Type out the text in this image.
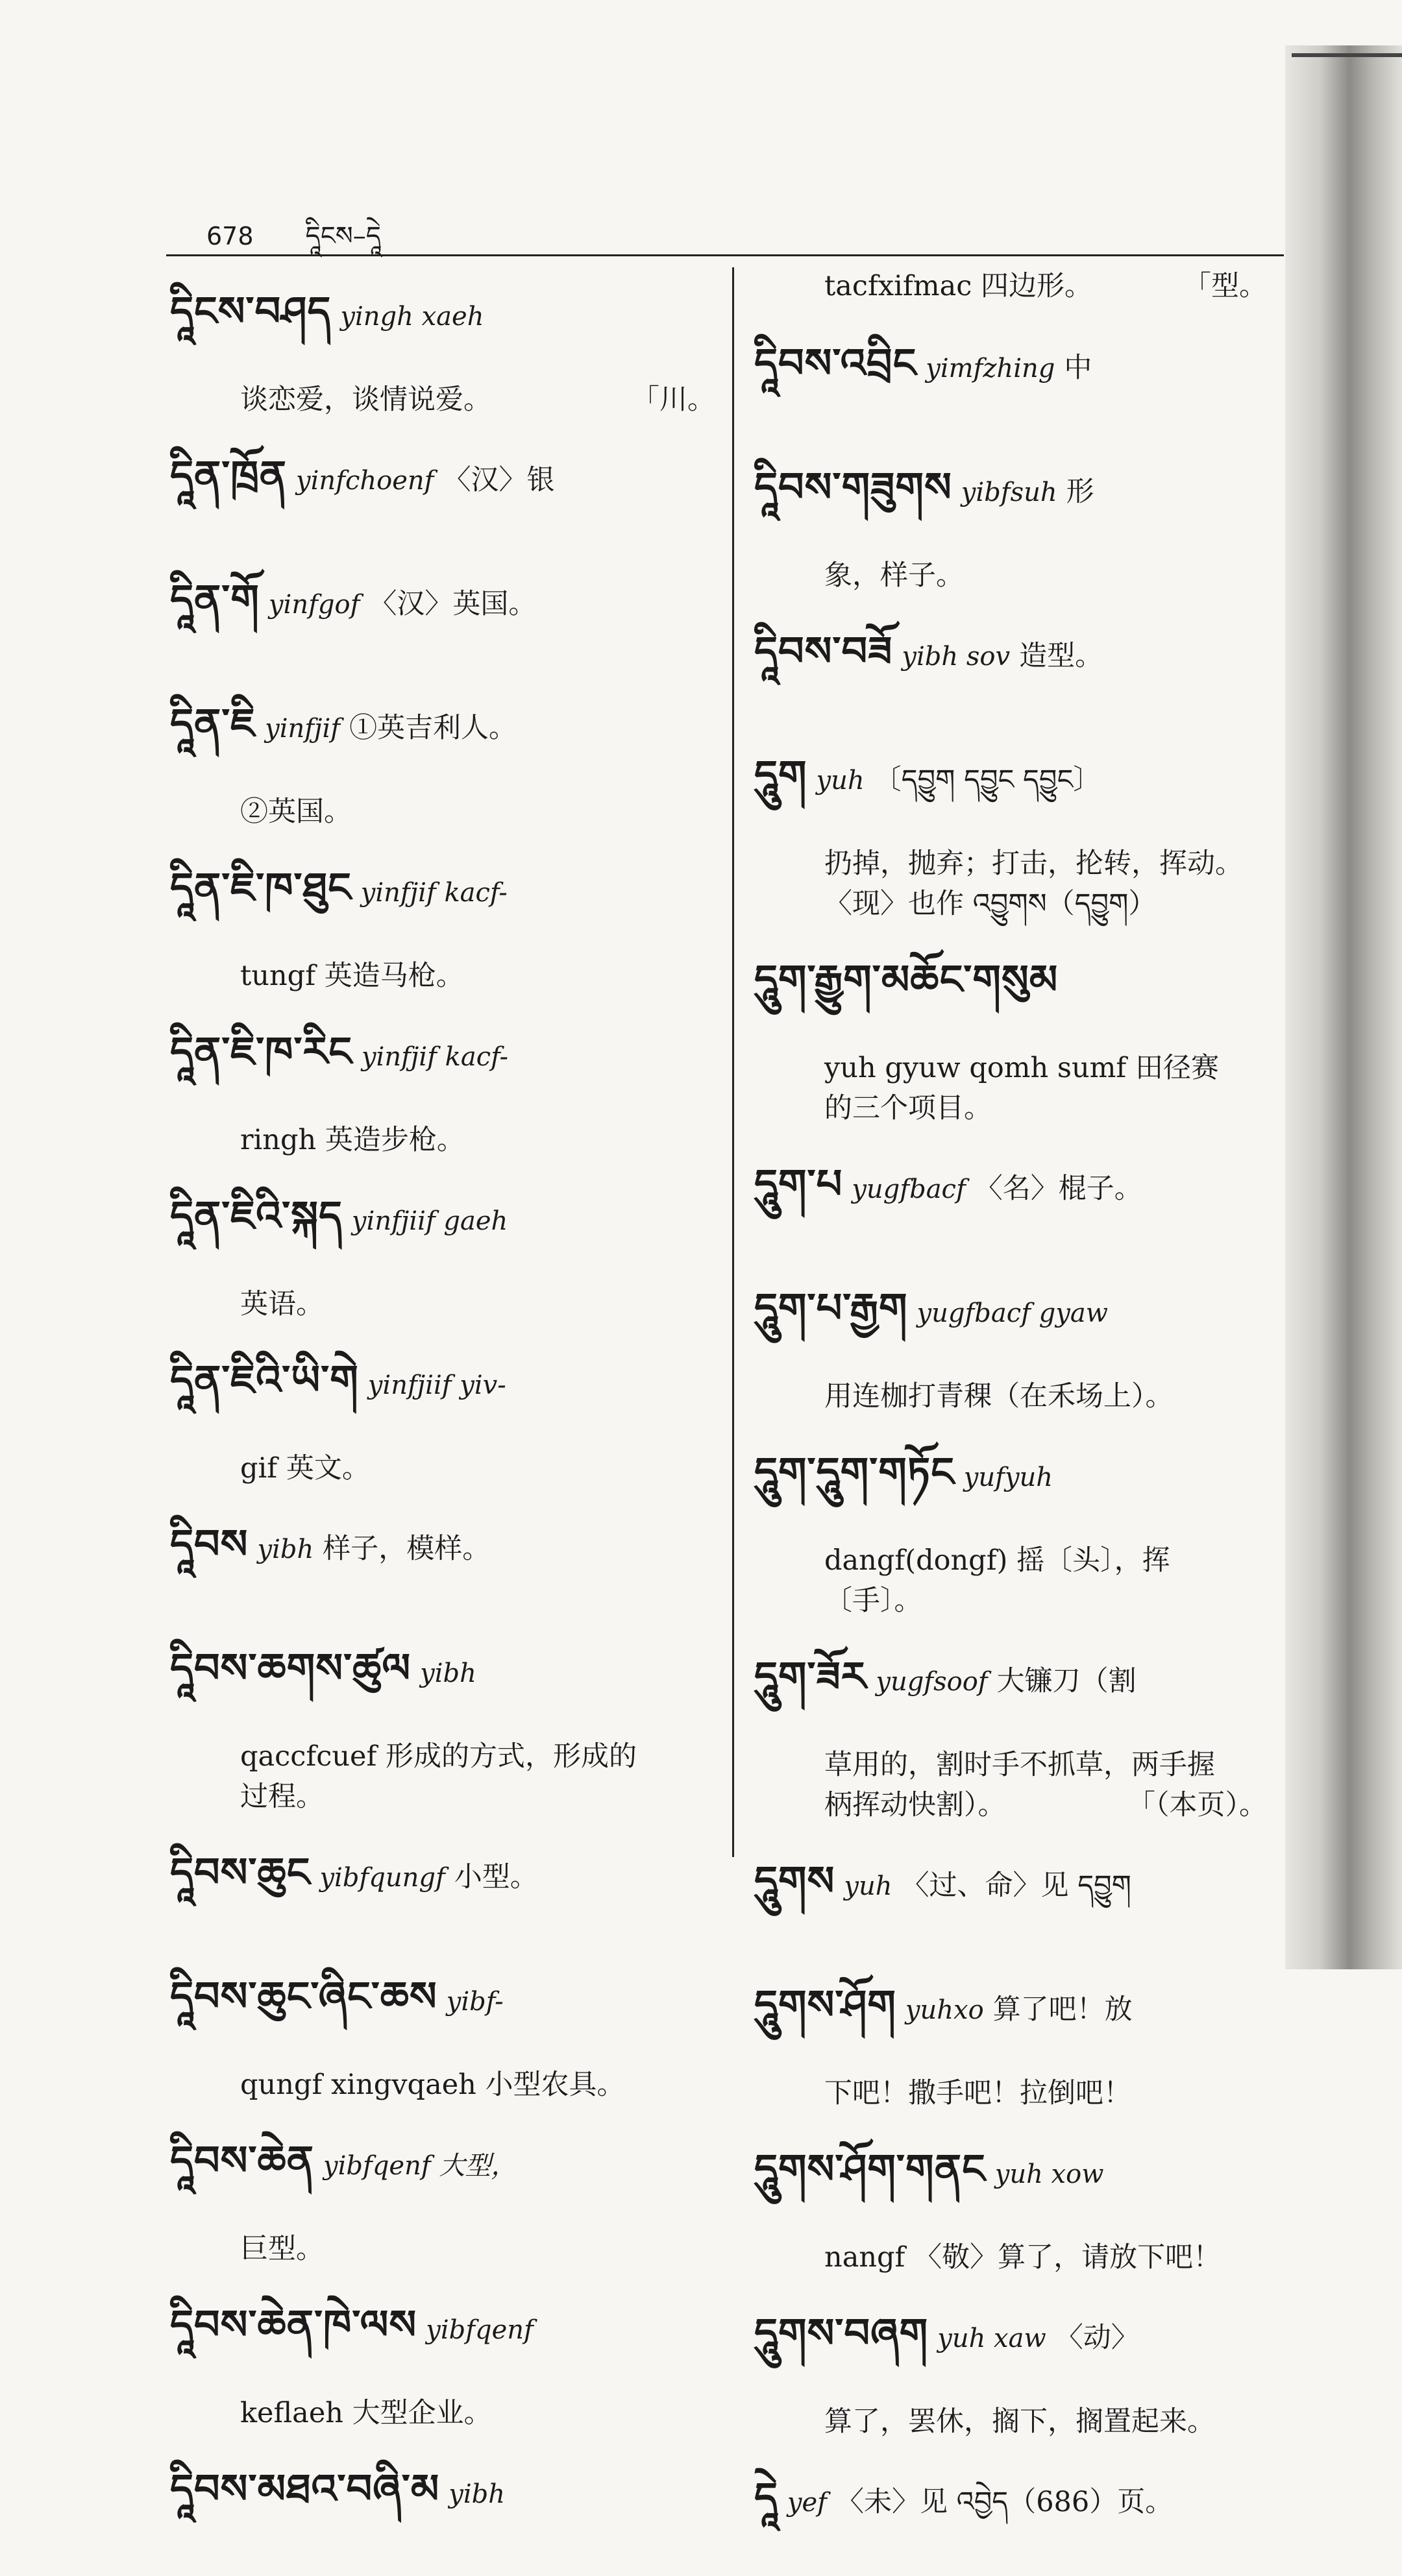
678 དཱིངས–དཱེ
དཱིངས་བཤད yingh xaeh
谈恋爱，谈情说爱。	「川。
དཱིན་ཁྲོན yinfchoenf 〈汉〉银
དཱིན་གོ yinfgof 〈汉〉英国。
དཱིན་ཇི yinfjif ①英吉利人。
②英国。
དཱིན་ཇི་ཁ་ཐུང yinfjif kacf-
tungf 英造马枪。
དཱིན་ཇི་ཁ་རིང yinfjif kacf-
ringh 英造步枪。
དཱིན་ཇིའི་སྐད yinfjiif gaeh
英语。
དཱིན་ཇིའི་ཡི་གེ yinfjiif yiv-
gif 英文。
དཱིབས yibh 样子，模样。
དཱིབས་ཆགས་ཚུལ yibh
qaccfcuef 形成的方式，形成的
过程。
དཱིབས་ཆུང yibfqungf 小型。
དཱིབས་ཆུང་ཞིང་ཆས yibf-
qungf xingvqaeh 小型农具。
དཱིབས་ཆེན yibfqenf 大型，
巨型。
དཱིབས་ཆེན་ཁེ་ལས yibfqenf
keflaeh 大型企业。
དཱིབས་མཐའ་བཞི་མ yibh
tacfxifmac 四边形。	「型。
དཱིབས་འབྲིང yimfzhing 中
དཱིབས་གཟུགས yibfsuh 形
象，样子。
དཱིབས་བཟོ yibh sov 造型。
དཱུག yuh 〔དབྱུག དབྱུང དབྱུང〕
扔掉，抛弃；打击，抡转，挥动。
〈现〉也作 འབྱུགས（དབྱུག）
དཱུག་རྒྱུག་མཆོང་གསུམ
yuh gyuw qomh sumf 田径赛
的三个项目。
དཱུག་པ yugfbacf 〈名〉棍子。
དཱུག་པ་རྒྱག yugfbacf gyaw
用连枷打青稞（在禾场上）。
དཱུག་དཱུག་གཏོང yufyuh
dangf(dongf) 摇〔头〕，挥〔手〕。
དཱུག་ཟོར yugfsoof 大镰刀（割
草用的，割时手不抓草，两手握
柄挥动快割）。	「（本页）。
དཱུགས yuh 〈过、命〉见 དབྱུག
དཱུགས་ཤོག yuhxo 算了吧！放
下吧！撒手吧！拉倒吧！
དཱུགས་ཤོག་གནང yuh xow
nangf 〈敬〉算了，请放下吧！
དཱུགས་བཞག yuh xaw 〈动〉
算了，罢休，搁下，搁置起来。
དཱེ yef 〈未〉见 འབྱེད（686）页。
